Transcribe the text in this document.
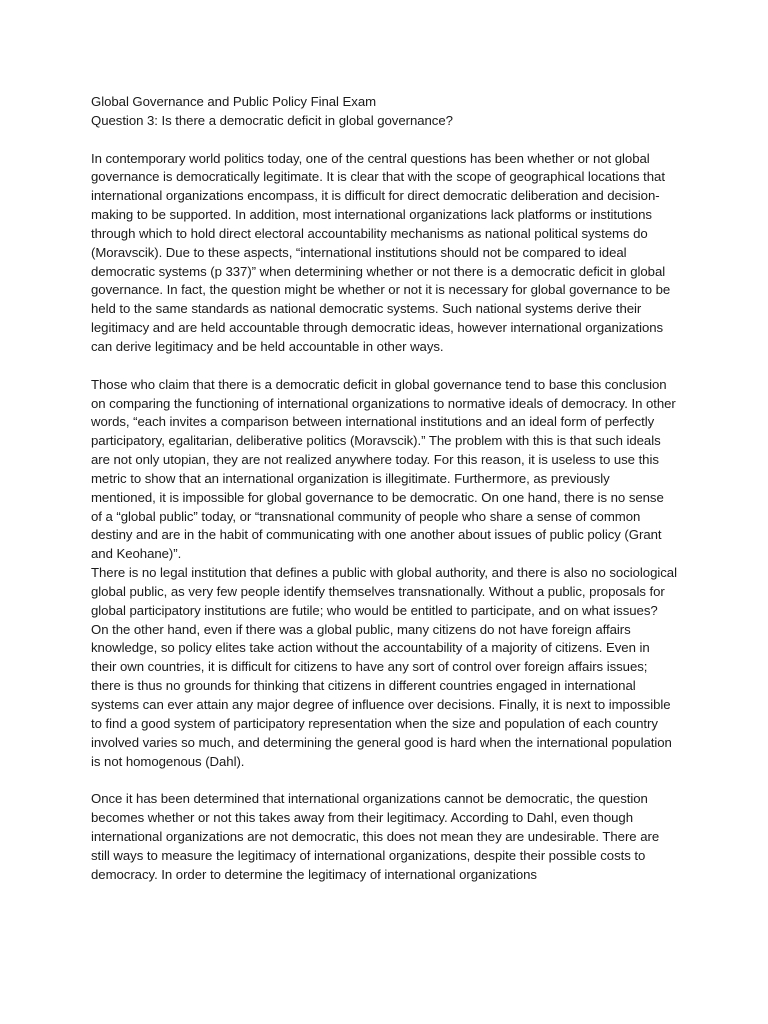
Global Governance and Public Policy Final Exam

Question 3: Is there a democratic deficit in global governance?

In contemporary world politics today, one of the central questions has been whether or not global governance is democratically legitimate. It is clear that with the scope of geographical locations that international organizations encompass, it is difficult for direct democratic deliberation and decision-making to be supported. In addition, most international organizations lack platforms or institutions through which to hold direct electoral accountability mechanisms as national political systems do (Moravscik). Due to these aspects, “international institutions should not be compared to ideal democratic systems (p 337)” when determining whether or not there is a democratic deficit in global governance. In fact, the question might be whether or not it is necessary for global governance to be held to the same standards as national democratic systems. Such national systems derive their legitimacy and are held accountable through democratic ideas, however international organizations can derive legitimacy and be held accountable in other ways.

Those who claim that there is a democratic deficit in global governance tend to base this conclusion on comparing the functioning of international organizations to normative ideals of democracy. In other words, “each invites a comparison between international institutions and an ideal form of perfectly participatory, egalitarian, deliberative politics (Moravscik).” The problem with this is that such ideals are not only utopian, they are not realized anywhere today. For this reason, it is useless to use this metric to show that an international organization is illegitimate. Furthermore, as previously mentioned, it is impossible for global governance to be democratic. On one hand, there is no sense of a “global public” today, or “transnational community of people who share a sense of common destiny and are in the habit of communicating with one another about issues of public policy (Grant and Keohane)”.

There is no legal institution that defines a public with global authority, and there is also no sociological global public, as very few people identify themselves transnationally. Without a public, proposals for global participatory institutions are futile; who would be entitled to participate, and on what issues? On the other hand, even if there was a global public, many citizens do not have foreign affairs knowledge, so policy elites take action without the accountability of a majority of citizens. Even in their own countries, it is difficult for citizens to have any sort of control over foreign affairs issues; there is thus no grounds for thinking that citizens in different countries engaged in international systems can ever attain any major degree of influence over decisions. Finally, it is next to impossible to find a good system of participatory representation when the size and population of each country involved varies so much, and determining the general good is hard when the international population is not homogenous (Dahl).

Once it has been determined that international organizations cannot be democratic, the question becomes whether or not this takes away from their legitimacy. According to Dahl, even though international organizations are not democratic, this does not mean they are undesirable. There are still ways to measure the legitimacy of international organizations, despite their possible costs to democracy. In order to determine the legitimacy of international organizations
